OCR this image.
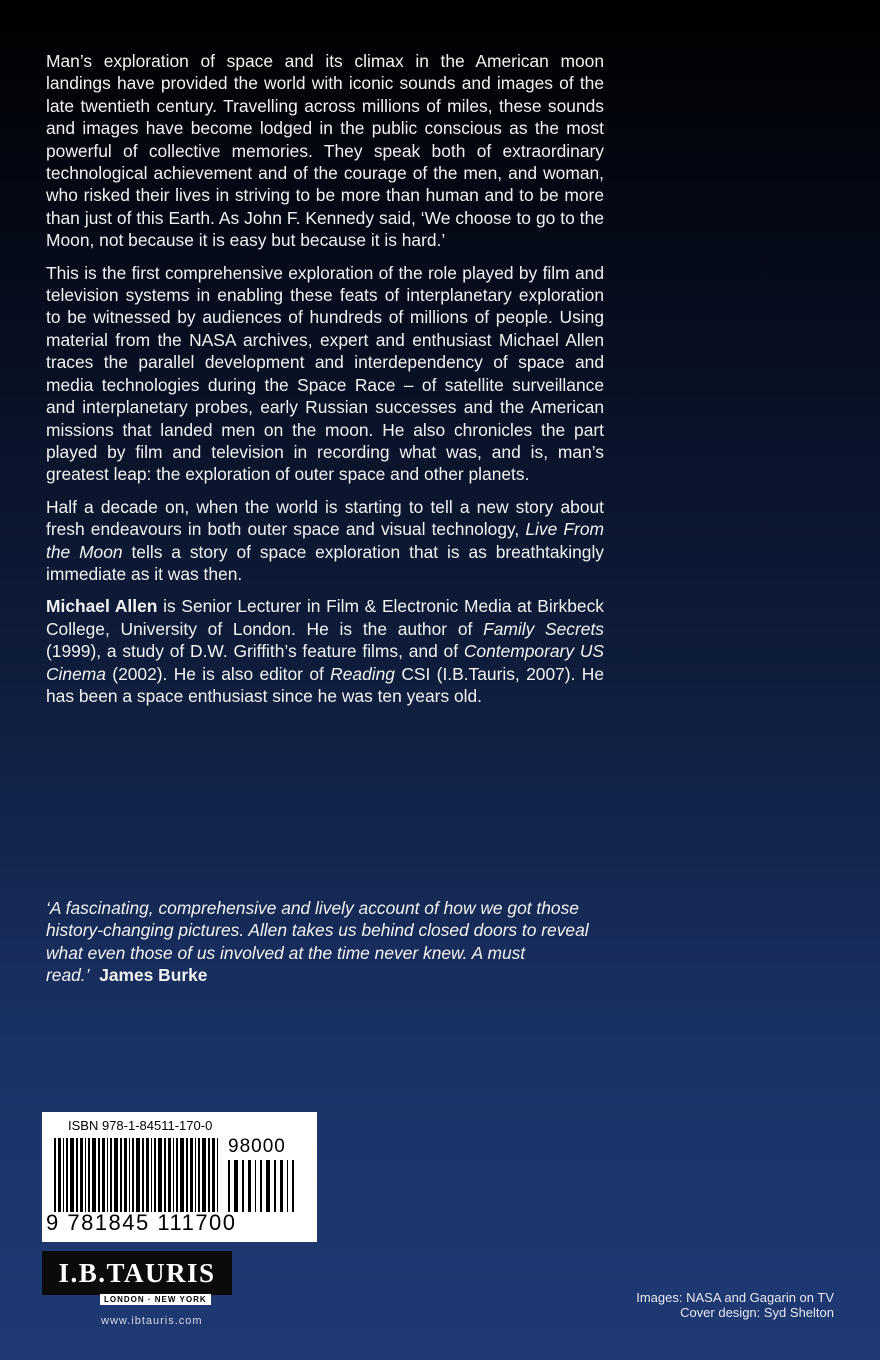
Man’s exploration of space and its climax in the American moon landings have provided the world with iconic sounds and images of the late twentieth century. Travelling across millions of miles, these sounds and images have become lodged in the public conscious as the most powerful of collective memories. They speak both of extraordinary technological achievement and of the courage of the men, and woman, who risked their lives in striving to be more than human and to be more than just of this Earth. As John F. Kennedy said, ‘We choose to go to the Moon, not because it is easy but because it is hard.’

This is the first comprehensive exploration of the role played by film and television systems in enabling these feats of interplanetary exploration to be witnessed by audiences of hundreds of millions of people. Using material from the NASA archives, expert and enthusiast Michael Allen traces the parallel development and interdependency of space and media technologies during the Space Race – of satellite surveillance and interplanetary probes, early Russian successes and the American missions that landed men on the moon. He also chronicles the part played by film and television in recording what was, and is, man’s greatest leap: the exploration of outer space and other planets.

Half a decade on, when the world is starting to tell a new story about fresh endeavours in both outer space and visual technology, Live From the Moon tells a story of space exploration that is as breathtakingly immediate as it was then.

Michael Allen is Senior Lecturer in Film & Electronic Media at Birkbeck College, University of London. He is the author of Family Secrets (1999), a study of D.W. Griffith’s feature films, and of Contemporary US Cinema (2002). He is also editor of Reading CSI (I.B.Tauris, 2007). He has been a space enthusiast since he was ten years old.

‘A fascinating, comprehensive and lively account of how we got those history-changing pictures. Allen takes us behind closed doors to reveal what even those of us involved at the time never knew. A must read.’ James Burke
ISBN 978-1-84511-170-0
98000
9 781845 111700
I.B.TAURIS
LONDON · NEW YORK
www.ibtauris.com
Images: NASA and Gagarin on TV
Cover design: Syd Shelton
